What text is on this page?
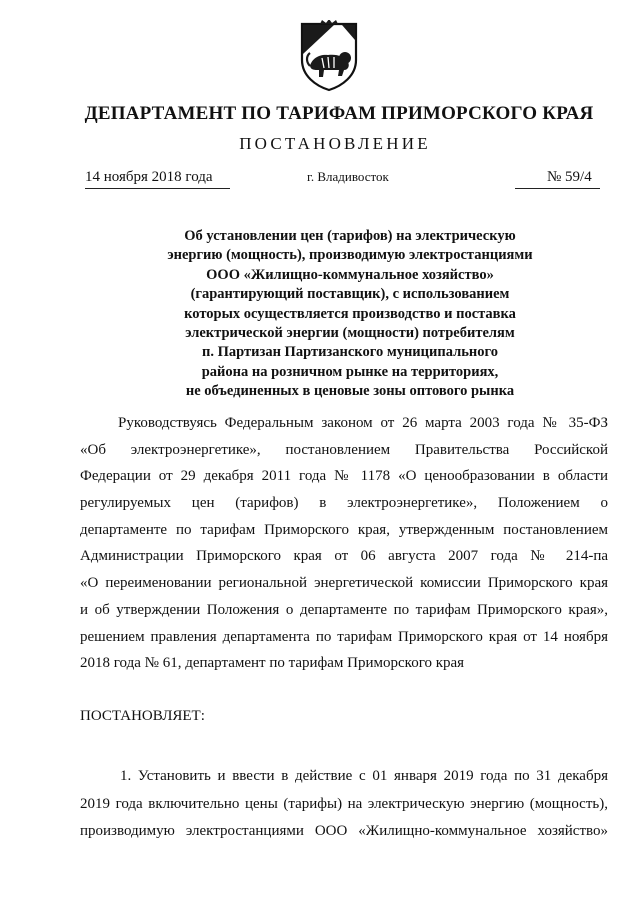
ДЕПАРТАМЕНТ ПО ТАРИФАМ ПРИМОРСКОГО КРАЯ
ПОСТАНОВЛЕНИЕ
14 ноября 2018 года	г. Владивосток	№ 59/4
Об установлении цен (тарифов) на электрическую
энергию (мощность), производимую электростанциями
ООО «Жилищно-коммунальное хозяйство»
(гарантирующий поставщик), с использованием
которых осуществляется производство и поставка
электрической энергии (мощности) потребителям
п. Партизан Партизанского муниципального
района на розничном рынке на территориях,
не объединенных в ценовые зоны оптового рынка
Руководствуясь Федеральным законом от 26 марта 2003 года № 35-ФЗ
«Об электроэнергетике», постановлением Правительства Российской
Федерации от 29 декабря 2011 года № 1178 «О ценообразовании в области
регулируемых цен (тарифов) в электроэнергетике», Положением о
департаменте по тарифам Приморского края, утвержденным постановлением
Администрации Приморского края от 06 августа 2007 года № 214-па
«О переименовании региональной энергетической комиссии Приморского края
и об утверждении Положения о департаменте по тарифам Приморского края»,
решением правления департамента по тарифам Приморского края от 14 ноября
2018 года № 61, департамент по тарифам Приморского края
ПОСТАНОВЛЯЕТ:
1. Установить и ввести в действие с 01 января 2019 года по 31 декабря
2019 года включительно цены (тарифы) на электрическую энергию (мощность),
производимую электростанциями ООО «Жилищно-коммунальное хозяйство»
